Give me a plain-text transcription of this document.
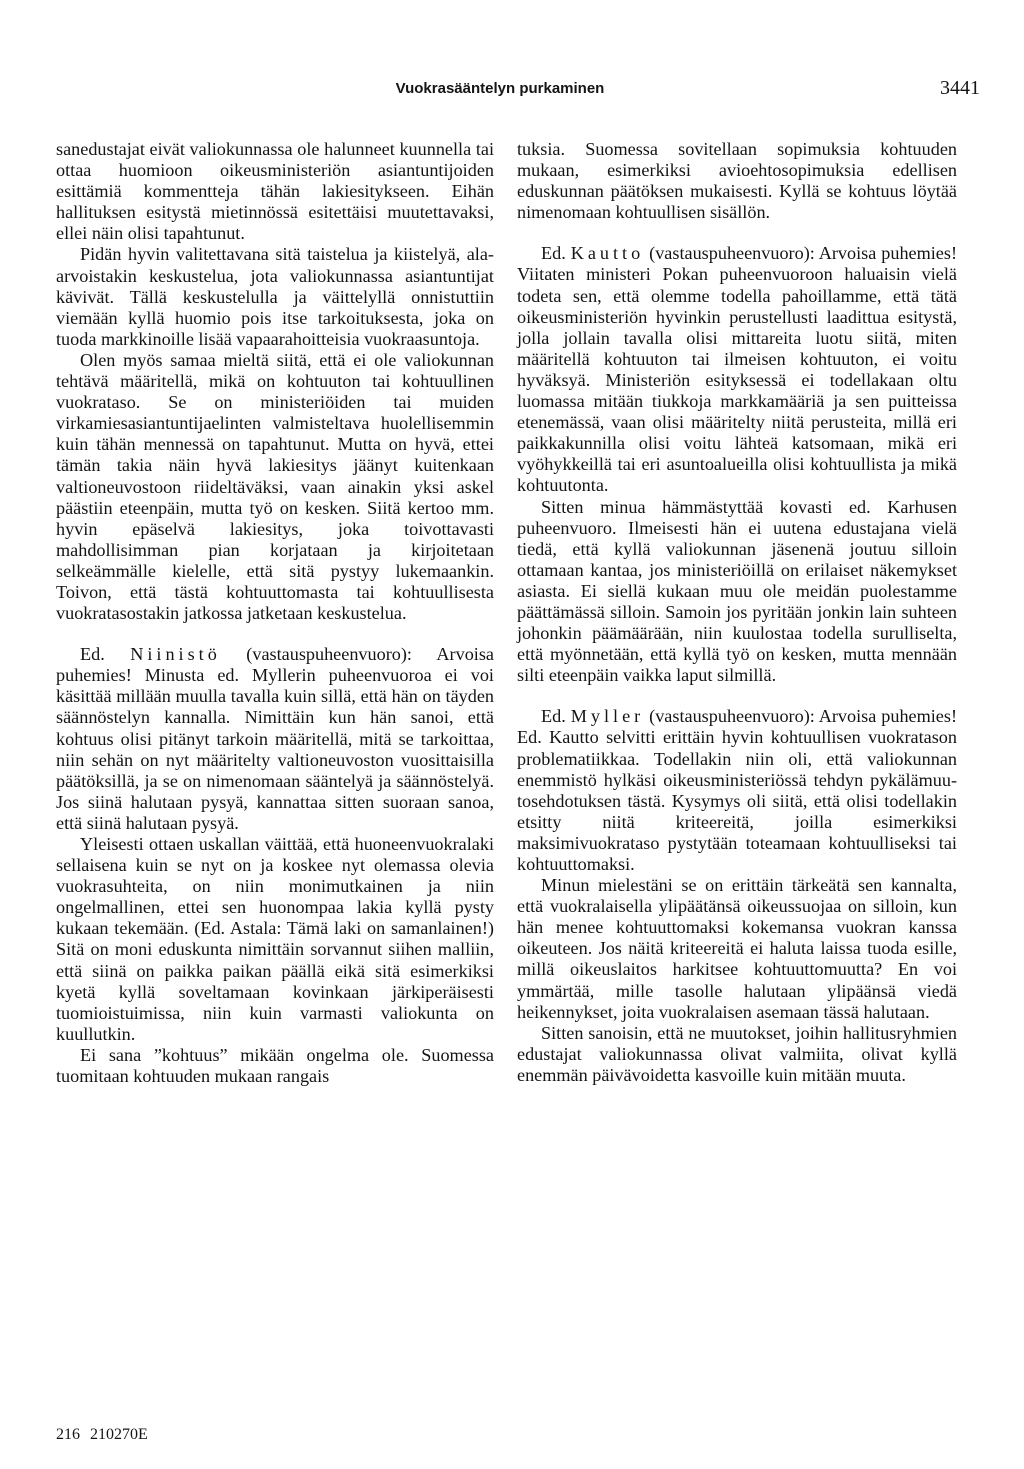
Vuokrasääntelyn purkaminen	3441

sanedustajat eivät valiokunnassa ole halunneet kuunnella tai ottaa huomioon oikeusministeriön asiantuntijoiden esittämiä kommentteja tähän lakiesitykseen. Eihän hallituksen esitystä mietinnössä esitettäisi muutettavaksi, ellei näin olisi tapahtunut.

Pidän hyvin valitettavana sitä taistelua ja kiistelyä, ala-arvoistakin keskustelua, jota valiokunnassa asiantuntijat kävivät. Tällä keskustelulla ja väittelyllä onnistuttiin viemään kyllä huomio pois itse tarkoituksesta, joka on tuoda markkinoille lisää vapaarahoitteisia vuokraasuntoja.

Olen myös samaa mieltä siitä, että ei ole valiokunnan tehtävä määritellä, mikä on kohtuuton tai kohtuullinen vuokrataso. Se on ministeriöiden tai muiden virkamiesasiantuntijaelinten valmisteltava huolellisemmin kuin tähän mennessä on tapahtunut. Mutta on hyvä, ettei tämän takia näin hyvä lakiesitys jäänyt kuitenkaan valtioneuvostoon riideltäväksi, vaan ainakin yksi askel päästiin eteenpäin, mutta työ on kesken. Siitä kertoo mm. hyvin epäselvä lakiesitys, joka toivottavasti mahdollisimman pian korjataan ja kirjoitetaan selkeämmälle kielelle, että sitä pystyy lukemaankin. Toivon, että tästä kohtuuttomasta tai kohtuullisesta vuokratasostakin jatkossa jatketaan keskustelua.

Ed. Niinistö (vastauspuheenvuoro): Arvoisa puhemies! Minusta ed. Myllerin puheenvuoroa ei voi käsittää millään muulla tavalla kuin sillä, että hän on täyden säännöstelyn kannalla. Nimittäin kun hän sanoi, että kohtuus olisi pitänyt tarkoin määritellä, mitä se tarkoittaa, niin sehän on nyt määritelty valtioneuvoston vuosittaisilla päätöksillä, ja se on nimenomaan sääntelyä ja säännöstelyä. Jos siinä halutaan pysyä, kannattaa sitten suoraan sanoa, että siinä halutaan pysyä.

Yleisesti ottaen uskallan väittää, että huoneenvuokralaki sellaisena kuin se nyt on ja koskee nyt olemassa olevia vuokrasuhteita, on niin monimutkainen ja niin ongelmallinen, ettei sen huonompaa lakia kyllä pysty kukaan tekemään. (Ed. Astala: Tämä laki on samanlainen!) Sitä on moni eduskunta nimittäin sorvannut siihen malliin, että siinä on paikka paikan päällä eikä sitä esimerkiksi kyetä kyllä soveltamaan kovinkaan järkiperäisesti tuomioistuimissa, niin kuin varmasti valiokunta on kuullutkin.

Ei sana ”kohtuus” mikään ongelma ole. Suomessa tuomitaan kohtuuden mukaan rangais

tuksia. Suomessa sovitellaan sopimuksia kohtuuden mukaan, esimerkiksi avioehtosopimuksia edellisen eduskunnan päätöksen mukaisesti. Kyllä se kohtuus löytää nimenomaan kohtuullisen sisällön.

Ed. Kautto (vastauspuheenvuoro): Arvoisa puhemies! Viitaten ministeri Pokan puheenvuoroon haluaisin vielä todeta sen, että olemme todella pahoillamme, että tätä oikeusministeriön hyvinkin perustellusti laadittua esitystä, jolla jollain tavalla olisi mittareita luotu siitä, miten määritellä kohtuuton tai ilmeisen kohtuuton, ei voitu hyväksyä. Ministeriön esityksessä ei todellakaan oltu luomassa mitään tiukkoja markkamääriä ja sen puitteissa etenemässä, vaan olisi määritelty niitä perusteita, millä eri paikkakunnilla olisi voitu lähteä katsomaan, mikä eri vyöhykkeillä tai eri asuntoalueilla olisi kohtuullista ja mikä kohtuutonta.

Sitten minua hämmästyttää kovasti ed. Karhusen puheenvuoro. Ilmeisesti hän ei uutena edustajana vielä tiedä, että kyllä valiokunnan jäsenenä joutuu silloin ottamaan kantaa, jos ministeriöillä on erilaiset näkemykset asiasta. Ei siellä kukaan muu ole meidän puolestamme päättämässä silloin. Samoin jos pyritään jonkin lain suhteen johonkin päämäärään, niin kuulostaa todella surulliselta, että myönnetään, että kyllä työ on kesken, mutta mennään silti eteenpäin vaikka laput silmillä.

Ed. Myller (vastauspuheenvuoro): Arvoisa puhemies! Ed. Kautto selvitti erittäin hyvin kohtuullisen vuokratason problematiikkaa. Todellakin niin oli, että valiokunnan enemmistö hylkäsi oikeusministeriössä tehdyn pykälämuutosehdotuksen tästä. Kysymys oli siitä, että olisi todellakin etsitty niitä kriteereitä, joilla esimerkiksi maksimivuokrataso pystytään toteamaan kohtuulliseksi tai kohtuuttomaksi.

Minun mielestäni se on erittäin tärkeätä sen kannalta, että vuokralaisella ylipäätänsä oikeussuojaa on silloin, kun hän menee kohtuuttomaksi kokemansa vuokran kanssa oikeuteen. Jos näitä kriteereitä ei haluta laissa tuoda esille, millä oikeuslaitos harkitsee kohtuuttomuutta? En voi ymmärtää, mille tasolle halutaan ylipäänsä viedä heikennykset, joita vuokralaisen asemaan tässä halutaan.

Sitten sanoisin, että ne muutokset, joihin hallitusryhmien edustajat valiokunnassa olivat valmiita, olivat kyllä enemmän päivävoidetta kasvoille kuin mitään muuta.

216 210270E
